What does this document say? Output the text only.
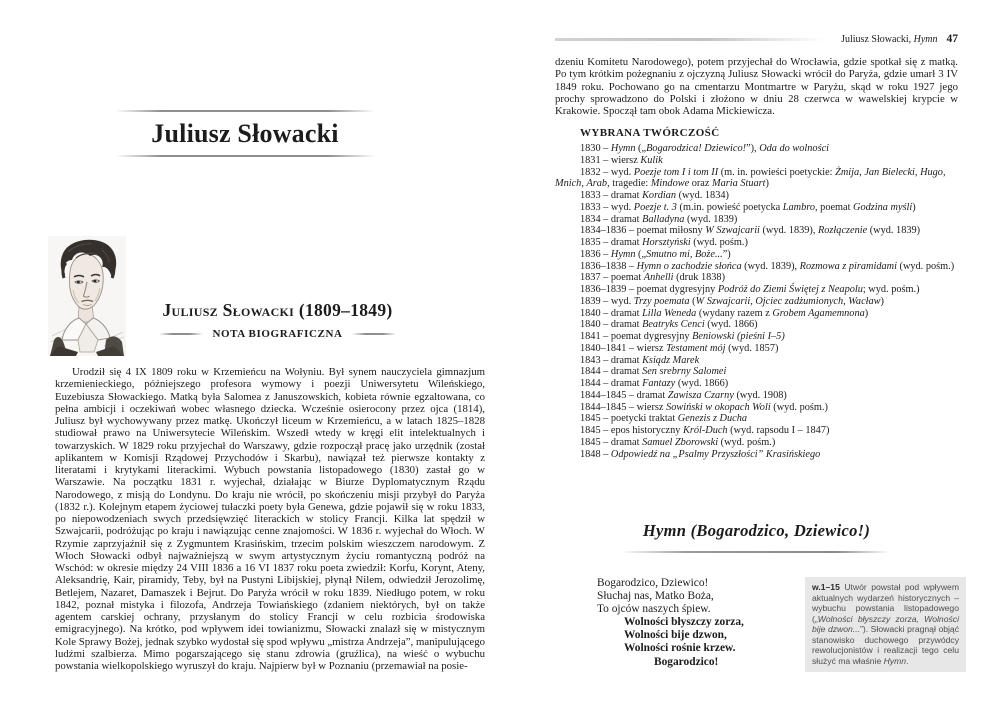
Juliusz Słowacki
Juliusz Słowacki (1809–1849)
NOTA BIOGRAFICZNA

Urodził się 4 IX 1809 roku w Krzemieńcu na Wołyniu. Był synem nauczyciela gimnazjum krzemienieckiego, późniejszego profesora wymowy i poezji Uniwersytetu Wileńskiego, Euzebiusza Słowackiego. Matką była Salomea z Januszowskich, kobieta równie egzaltowana, co pełna ambicji i oczekiwań wobec własnego dziecka. Wcześnie osierocony przez ojca (1814), Juliusz był wychowywany przez matkę. Ukończył liceum w Krzemieńcu, a w latach 1825–1828 studiował prawo na Uniwersytecie Wileńskim. Wszedł wtedy w kręgi elit intelektualnych i towarzyskich. W 1829 roku przyjechał do Warszawy, gdzie rozpoczął pracę jako urzędnik (został aplikantem w Komisji Rządowej Przychodów i Skarbu), nawiązał też pierwsze kontakty z literatami i krytykami literackimi. Wybuch powstania listopadowego (1830) zastał go w Warszawie. Na początku 1831 r. wyjechał, działając w Biurze Dyplomatycznym Rządu Narodowego, z misją do Londynu. Do kraju nie wrócił, po skończeniu misji przybył do Paryża (1832 r.). Kolejnym etapem życiowej tułaczki poety była Genewa, gdzie pojawił się w roku 1833, po niepowodzeniach swych przedsięwzięć literackich w stolicy Francji. Kilka lat spędził w Szwajcarii, podróżując po kraju i nawiązując cenne znajomości. W 1836 r. wyjechał do Włoch. W Rzymie zaprzyjaźnił się z Zygmuntem Krasińskim, trzecim polskim wieszczem narodowym. Z Włoch Słowacki odbył najważniejszą w swym artystycznym życiu romantyczną podróż na Wschód: w okresie między 24 VIII 1836 a 16 VI 1837 roku poeta zwiedził: Korfu, Korynt, Ateny, Aleksandrię, Kair, piramidy, Teby, był na Pustyni Libijskiej, płynął Nilem, odwiedził Jerozolimę, Betlejem, Nazaret, Damaszek i Bejrut. Do Paryża wrócił w roku 1839. Niedługo potem, w roku 1842, poznał mistyka i filozofa, Andrzeja Towiańskiego (zdaniem niektórych, był on także agentem carskiej ochrany, przysłanym do stolicy Francji w celu rozbicia środowiska emigracyjnego). Na krótko, pod wpływem idei towianizmu, Słowacki znalazł się w mistycznym Kole Sprawy Bożej, jednak szybko wydostał się spod wpływu „mistrza Andrzeja”, manipulującego ludźmi szalbierza. Mimo pogarszającego się stanu zdrowia (gruźlica), na wieść o wybuchu powstania wielkopolskiego wyruszył do kraju. Najpierw był w Poznaniu (przemawiał na posie-

Juliusz Słowacki, Hymn 47

dzeniu Komitetu Narodowego), potem przyjechał do Wrocławia, gdzie spotkał się z matką. Po tym krótkim pożegnaniu z ojczyzną Juliusz Słowacki wrócił do Paryża, gdzie umarł 3 IV 1849 roku. Pochowano go na cmentarzu Montmartre w Paryżu, skąd w roku 1927 jego prochy sprowadzono do Polski i złożono w dniu 28 czerwca w wawelskiej krypcie w Krakowie. Spoczął tam obok Adama Mickiewicza.

WYBRANA TWÓRCZOŚĆ

1830 – Hymn („Bogarodzica! Dziewico!”), Oda do wolności

1831 – wiersz Kulik

1832 – wyd. Poezje tom I i tom II (m. in. powieści poetyckie: Żmija, Jan Bielecki, Hugo, Mnich, Arab, tragedie: Mindowe oraz Maria Stuart)

1833 – dramat Kordian (wyd. 1834)

1833 – wyd. Poezje t. 3 (m.in. powieść poetycka Lambro, poemat Godzina myśli)

1834 – dramat Balladyna (wyd. 1839)

1834–1836 – poemat miłosny W Szwajcarii (wyd. 1839), Rozłączenie (wyd. 1839)

1835 – dramat Horsztyński (wyd. pośm.)

1836 – Hymn („Smutno mi, Boże...”)

1836–1838 – Hymn o zachodzie słońca (wyd. 1839), Rozmowa z piramidami (wyd. pośm.)

1837 – poemat Anhelli (druk 1838)

1836–1839 – poemat dygresyjny Podróż do Ziemi Świętej z Neapolu; wyd. pośm.)

1839 – wyd. Trzy poemata (W Szwajcarii, Ojciec zadżumionych, Wacław)

1840 – dramat Lilla Weneda (wydany razem z Grobem Agamemnona)

1840 – dramat Beatryks Cenci (wyd. 1866)

1841 – poemat dygresyjny Beniowski (pieśni I–5)

1840–1841 – wiersz Testament mój (wyd. 1857)

1843 – dramat Ksiądz Marek

1844 – dramat Sen srebrny Salomei

1844 – dramat Fantazy (wyd. 1866)

1844–1845 – dramat Zawisza Czarny (wyd. 1908)

1844–1845 – wiersz Sowiński w okopach Woli (wyd. pośm.)

1845 – poetycki traktat Genezis z Ducha

1845 – epos historyczny Król-Duch (wyd. rapsodu I – 1847)

1845 – dramat Samuel Zborowski (wyd. pośm.)

1848 – Odpowiedź na „Psalmy Przyszłości” Krasińskiego

Hymn (Bogarodzico, Dziewico!)
Bogarodzico, Dziewico!
Słuchaj nas, Matko Boża,
To ojców naszych śpiew.
Wolności błyszczy zorza,
Wolności bije dzwon,
Wolności rośnie krzew.
Bogarodzico!
w.1–15 Utwór powstał pod wpływem aktualnych wydarzeń historycznych – wybuchu powstania listopadowego („Wolności błyszczy zorza, Wolności bije dzwon...”). Słowacki pragnął objąć stanowisko duchowego przywódcy rewolucjonistów i realizacji tego celu służyć ma właśnie Hymn.
